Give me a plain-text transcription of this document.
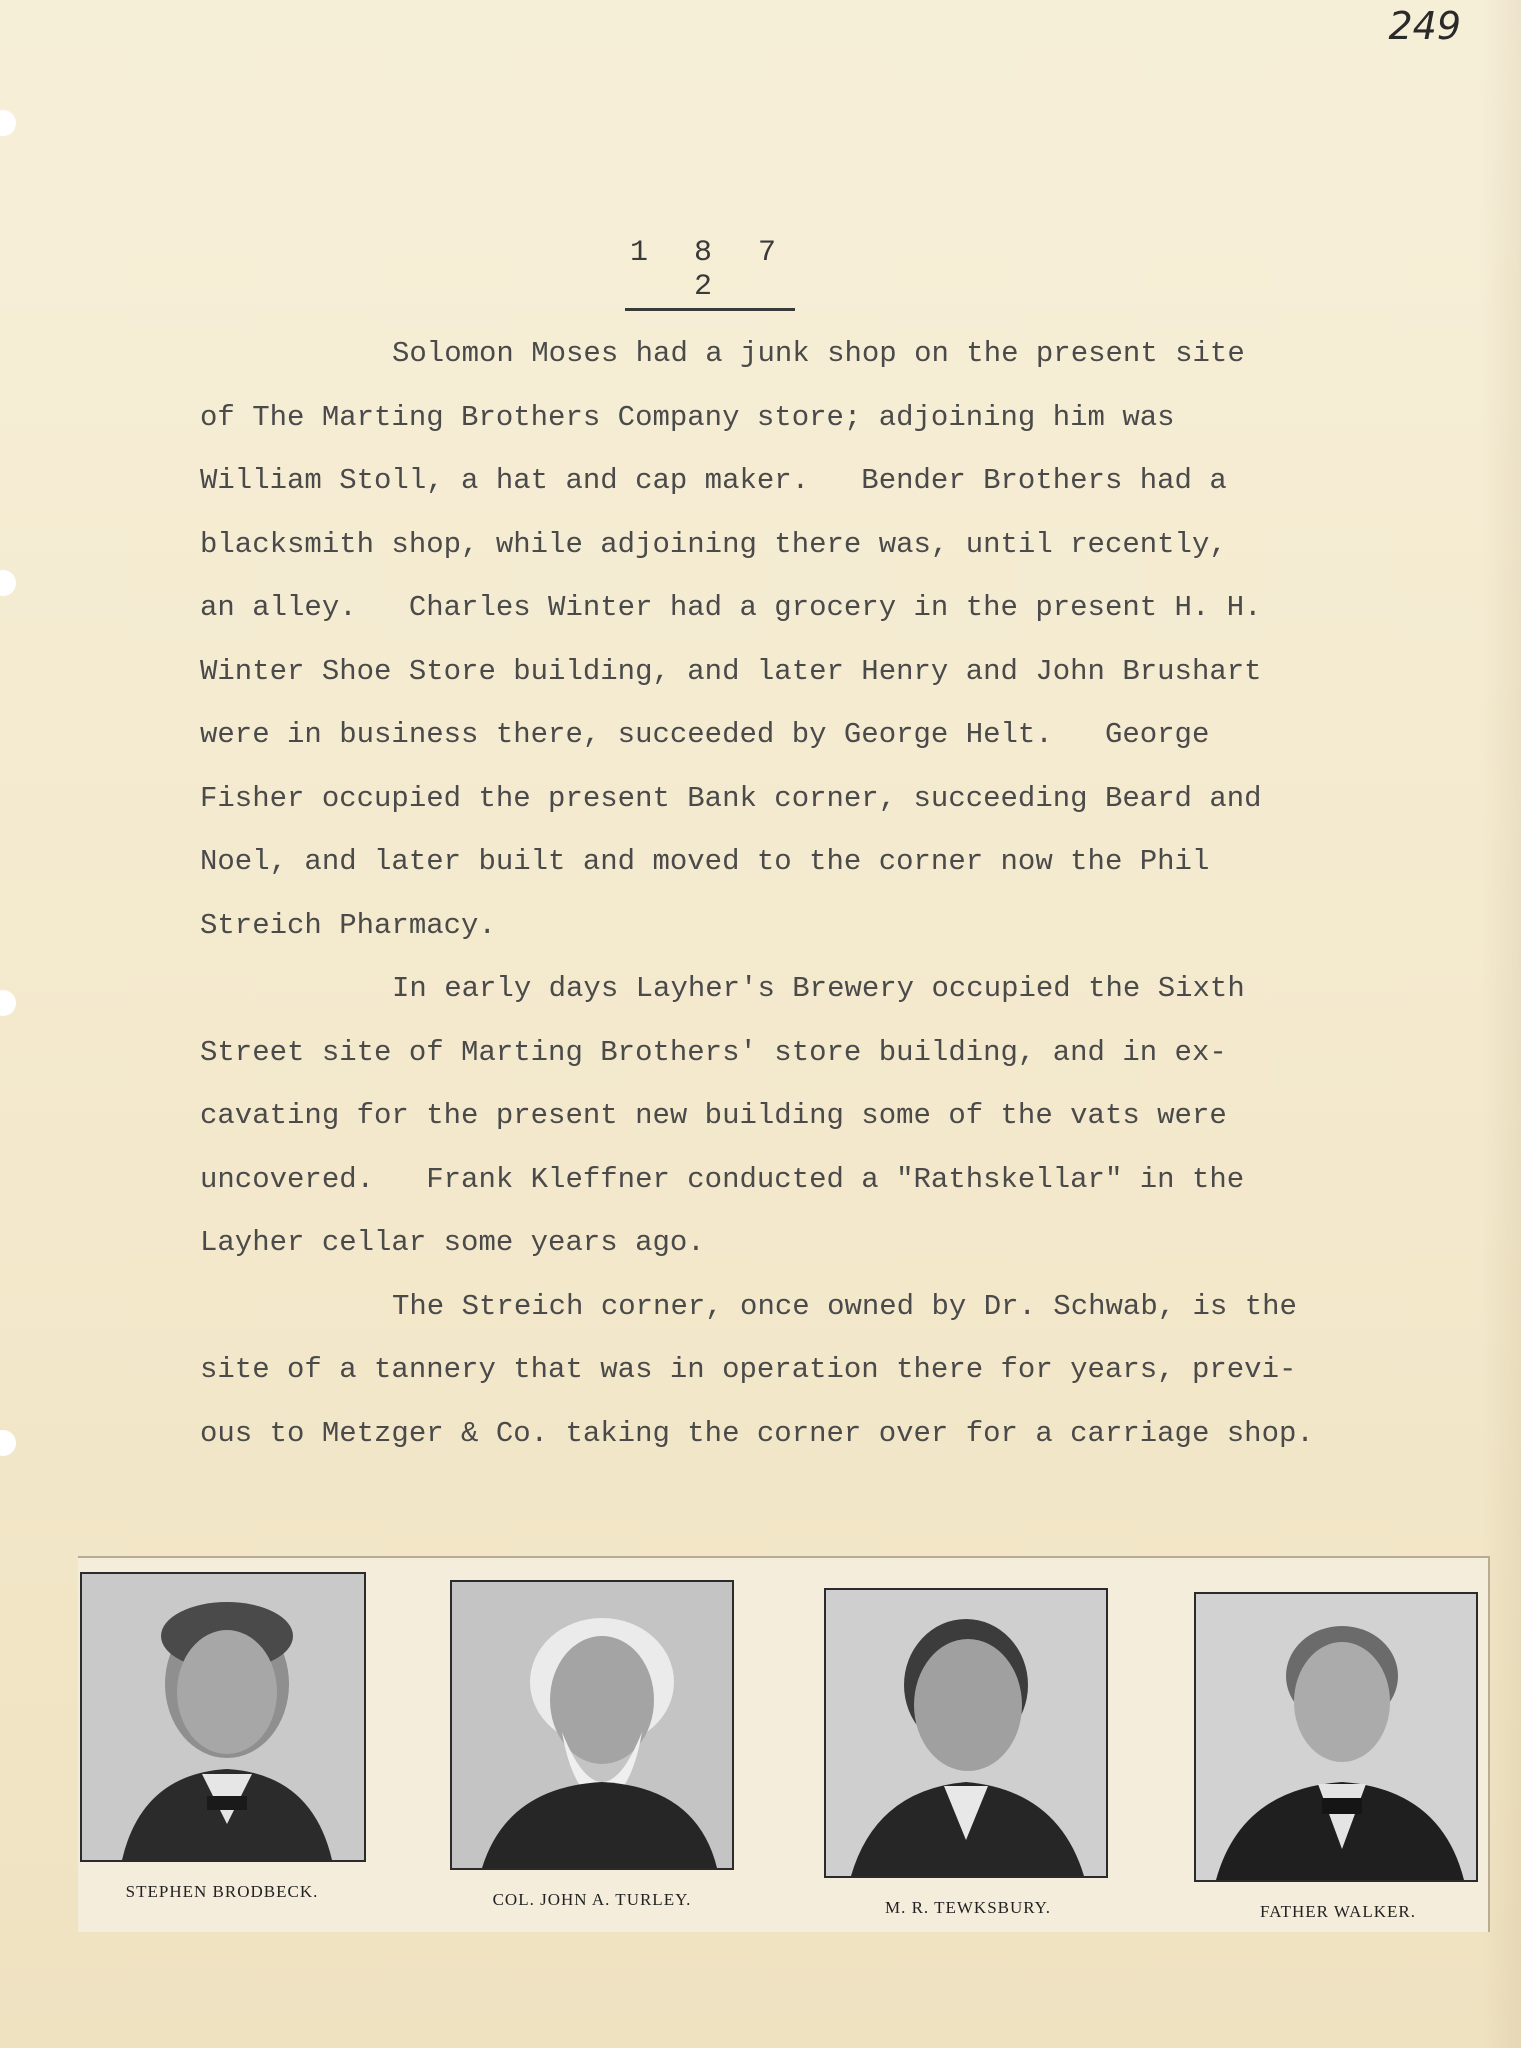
249
1 8 7 2
Solomon Moses had a junk shop on the present site
of The Marting Brothers Company store; adjoining him was
William Stoll, a hat and cap maker.   Bender Brothers had a
blacksmith shop, while adjoining there was, until recently,
an alley.   Charles Winter had a grocery in the present H. H.
Winter Shoe Store building, and later Henry and John Brushart
were in business there, succeeded by George Helt.   George
Fisher occupied the present Bank corner, succeeding Beard and
Noel, and later built and moved to the corner now the Phil
Streich Pharmacy.
In early days Layher's Brewery occupied the Sixth
Street site of Marting Brothers' store building, and in ex-
cavating for the present new building some of the vats were
uncovered.   Frank Kleffner conducted a "Rathskellar" in the
Layher cellar some years ago.
The Streich corner, once owned by Dr. Schwab, is the
site of a tannery that was in operation there for years, previ-
ous to Metzger & Co. taking the corner over for a carriage shop.
STEPHEN BRODBECK.	COL. JOHN A. TURLEY.	M. R. TEWKSBURY.	FATHER WALKER.
